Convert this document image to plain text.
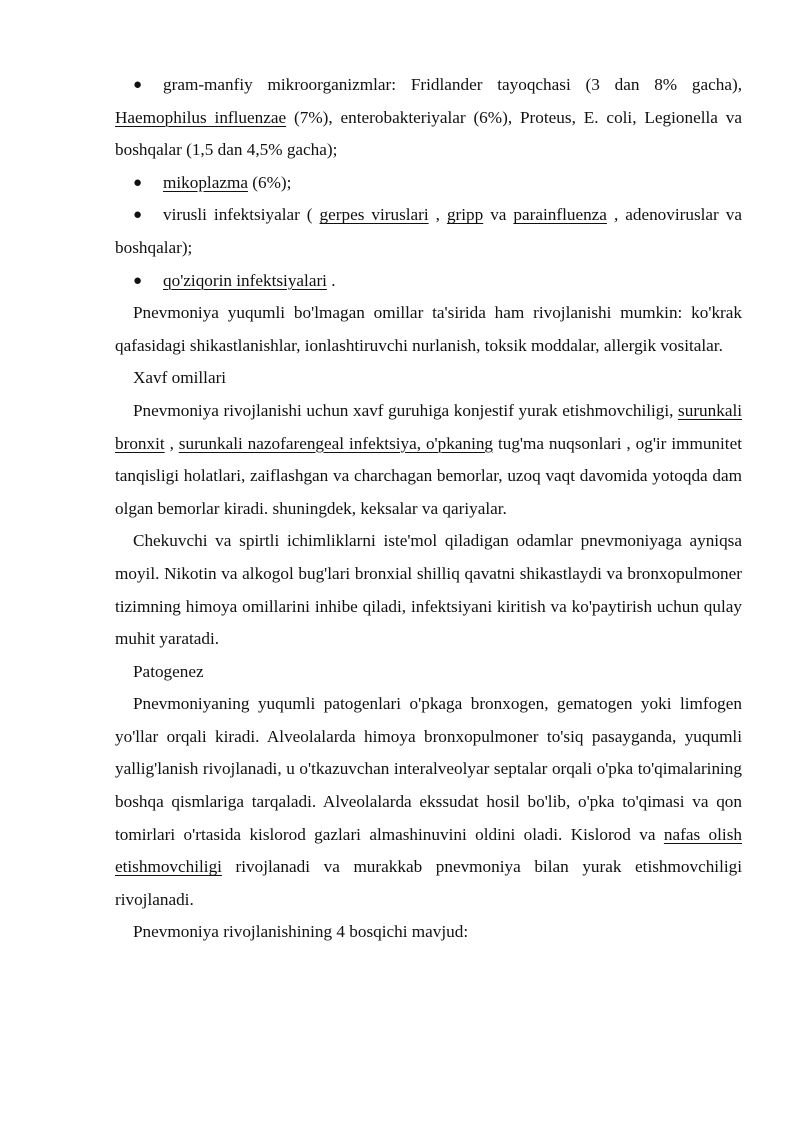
● gram-manfiy mikroorganizmlar: Fridlander tayoqchasi (3 dan 8% gacha), Haemophilus influenzae (7%), enterobakteriyalar (6%), Proteus, E. coli, Legionella va boshqalar (1,5 dan 4,5% gacha);

● mikoplazma (6%);

● virusli infektsiyalar ( gerpes viruslari , gripp va parainfluenza , adenoviruslar va boshqalar);

● qo'ziqorin infektsiyalari .

Pnevmoniya yuqumli bo'lmagan omillar ta'sirida ham rivojlanishi mumkin: ko'krak qafasidagi shikastlanishlar, ionlashtiruvchi nurlanish, toksik moddalar, allergik vositalar.

Xavf omillari

Pnevmoniya rivojlanishi uchun xavf guruhiga konjestif yurak etishmovchiligi, surunkali bronxit , surunkali nazofarengeal infektsiya, o'pkaning tug'ma nuqsonlari , og'ir immunitet tanqisligi holatlari, zaiflashgan va charchagan bemorlar, uzoq vaqt davomida yotoqda dam olgan bemorlar kiradi. shuningdek, keksalar va qariyalar.

Chekuvchi va spirtli ichimliklarni iste'mol qiladigan odamlar pnevmoniyaga ayniqsa moyil. Nikotin va alkogol bug'lari bronxial shilliq qavatni shikastlaydi va bronxopulmoner tizimning himoya omillarini inhibe qiladi, infektsiyani kiritish va ko'paytirish uchun qulay muhit yaratadi.

Patogenez

Pnevmoniyaning yuqumli patogenlari o'pkaga bronxogen, gematogen yoki limfogen yo'llar orqali kiradi. Alveolalarda himoya bronxopulmoner to'siq pasayganda, yuqumli yallig'lanish rivojlanadi, u o'tkazuvchan interalveolyar septalar orqali o'pka to'qimalarining boshqa qismlariga tarqaladi. Alveolalarda ekssudat hosil bo'lib, o'pka to'qimasi va qon tomirlari o'rtasida kislorod gazlari almashinuvini oldini oladi. Kislorod va nafas olish etishmovchiligi rivojlanadi va murakkab pnevmoniya bilan yurak etishmovchiligi rivojlanadi.

Pnevmoniya rivojlanishining 4 bosqichi mavjud:
